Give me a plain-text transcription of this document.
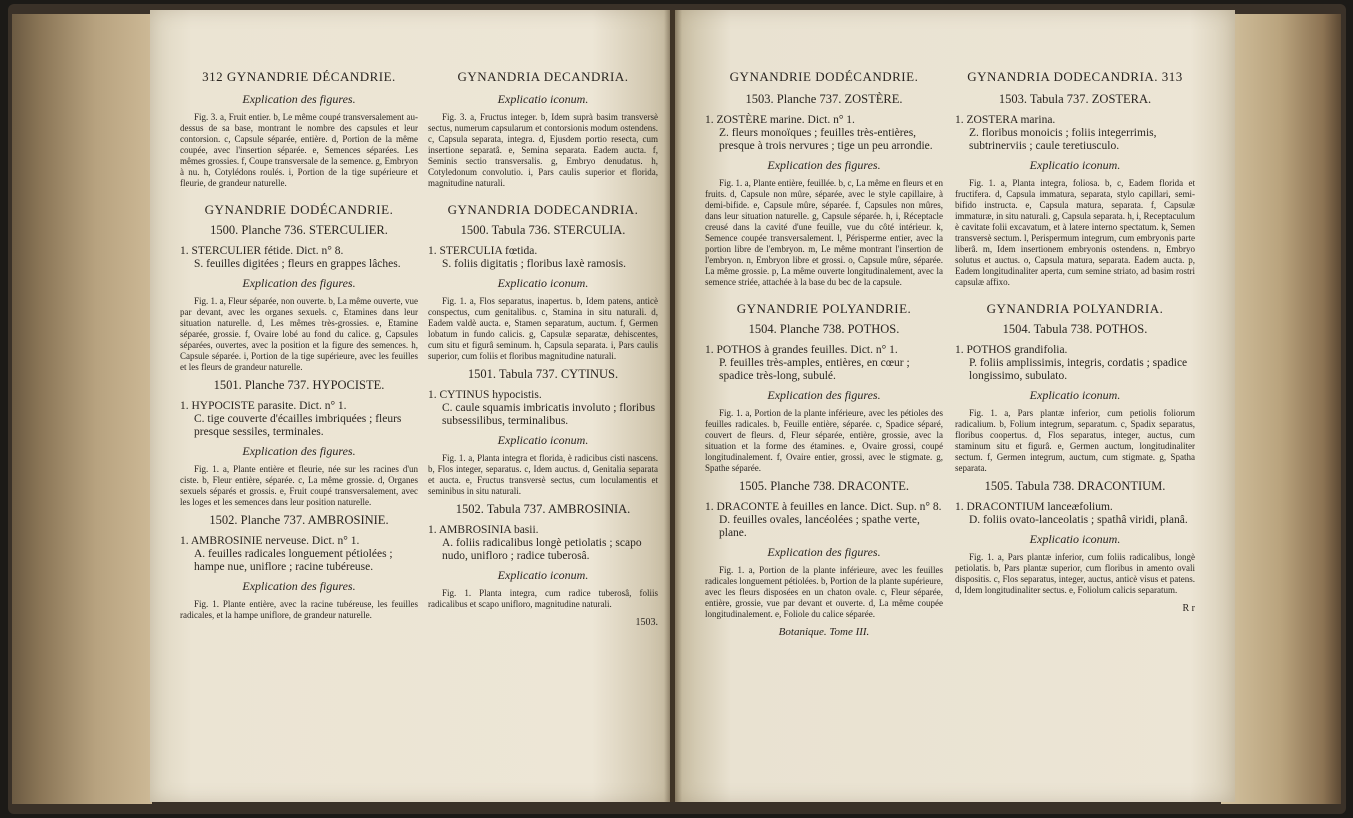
312 GYNANDRIE DÉCANDRIE.
Explication des figures.

Fig. 3. a, Fruit entier. b, Le même coupé transversalement au-dessus de sa base, montrant le nombre des capsules et leur contorsion. c, Capsule séparée, entière. d, Portion de la même coupée, avec l'insertion séparée. e, Semences séparées. Les mêmes grossies. f, Coupe transversale de la semence. g, Embryon à nu. h, Cotylédons roulés. i, Portion de la tige supérieure et fleurie, de grandeur naturelle.

GYNANDRIE DODÉCANDRIE.
1500. Planche 736. STERCULIER.
1. STERCULIER fétide. Dict. n° 8.
S. feuilles digitées ; fleurs en grappes lâches.
Explication des figures.

Fig. 1. a, Fleur séparée, non ouverte. b, La même ouverte, vue par devant, avec les organes sexuels. c, Etamines dans leur situation naturelle. d, Les mêmes très-grossies. e, Etamine séparée, grossie. f, Ovaire lobé au fond du calice. g, Capsules séparées, ouvertes, avec la position et la figure des semences. h, Capsule séparée. i, Portion de la tige supérieure, avec les feuilles et les fleurs de grandeur naturelle.

1501. Planche 737. HYPOCISTE.
1. HYPOCISTE parasite. Dict. n° 1.
C. tige couverte d'écailles imbriquées ; fleurs presque sessiles, terminales.
Explication des figures.

Fig. 1. a, Plante entière et fleurie, née sur les racines d'un ciste. b, Fleur entière, séparée. c, La même grossie. d, Organes sexuels séparés et grossis. e, Fruit coupé transversalement, avec les loges et les semences dans leur position naturelle.

1502. Planche 737. AMBROSINIE.
1. AMBROSINIE nerveuse. Dict. n° 1.
A. feuilles radicales longuement pétiolées ; hampe nue, uniflore ; racine tubéreuse.
Explication des figures.

Fig. 1. Plante entière, avec la racine tubéreuse, les feuilles radicales, et la hampe uniflore, de grandeur naturelle.

GYNANDRIA DECANDRIA.
Explicatio iconum.

Fig. 3. a, Fructus integer. b, Idem suprà basim transversè sectus, numerum capsularum et contorsionis modum ostendens. c, Capsula separata, integra. d, Ejusdem portio resecta, cum insertione separatâ. e, Semina separata. Eadem aucta. f, Seminis sectio transversalis. g, Embryo denudatus. h, Cotyledonum convolutio. i, Pars caulis superior et florida, magnitudine naturali.

GYNANDRIA DODECANDRIA.
1500. Tabula 736. STERCULIA.
1. STERCULIA fœtida.
S. foliis digitatis ; floribus laxè ramosis.
Explicatio iconum.

Fig. 1. a, Flos separatus, inapertus. b, Idem patens, anticè conspectus, cum genitalibus. c, Stamina in situ naturali. d, Eadem valdè aucta. e, Stamen separatum, auctum. f, Germen lobatum in fundo calicis. g, Capsulæ separatæ, dehiscentes, cum situ et figurâ seminum. h, Capsula separata. i, Pars caulis superior, cum foliis et floribus magnitudine naturali.

1501. Tabula 737. CYTINUS.
1. CYTINUS hypocistis.
C. caule squamis imbricatis involuto ; floribus subsessilibus, terminalibus.
Explicatio iconum.

Fig. 1. a, Planta integra et florida, è radicibus cisti nascens. b, Flos integer, separatus. c, Idem auctus. d, Genitalia separata et aucta. e, Fructus transversè sectus, cum loculamentis et seminibus in situ naturali.

1502. Tabula 737. AMBROSINIA.
1. AMBROSINIA basii.
A. foliis radicalibus longè petiolatis ; scapo nudo, unifloro ; radice tuberosâ.
Explicatio iconum.

Fig. 1. Planta integra, cum radice tuberosâ, foliis radicalibus et scapo unifloro, magnitudine naturali.

1503.
GYNANDRIE DODÉCANDRIE.
1503. Planche 737. ZOSTÈRE.
1. ZOSTÈRE marine. Dict. n° 1.
Z. fleurs monoïques ; feuilles très-entières, presque à trois nervures ; tige un peu arrondie.
Explication des figures.

Fig. 1. a, Plante entière, feuillée. b, c, La même en fleurs et en fruits. d, Capsule non mûre, séparée, avec le style capillaire, à demi-bifide. e, Capsule mûre, séparée. f, Capsules non mûres, dans leur situation naturelle. g, Capsule séparée. h, i, Réceptacle creusé dans la cavité d'une feuille, vue du côté intérieur. k, Semence coupée transversalement. l, Périsperme entier, avec la portion libre de l'embryon. m, Le même montrant l'insertion de l'embryon. n, Embryon libre et grossi. o, Capsule mûre, séparée. La même grossie. p, La même ouverte longitudinalement, avec la semence striée, attachée à la base du bec de la capsule.

GYNANDRIE POLYANDRIE.
1504. Planche 738. POTHOS.
1. POTHOS à grandes feuilles. Dict. n° 1.
P. feuilles très-amples, entières, en cœur ; spadice très-long, subulé.
Explication des figures.

Fig. 1. a, Portion de la plante inférieure, avec les pétioles des feuilles radicales. b, Feuille entière, séparée. c, Spadice séparé, couvert de fleurs. d, Fleur séparée, entière, grossie, avec la situation et la forme des étamines. e, Ovaire grossi, coupé longitudinalement. f, Ovaire entier, grossi, avec le stigmate. g, Spathe séparée.

1505. Planche 738. DRACONTE.
1. DRACONTE à feuilles en lance. Dict. Sup. n° 8.
D. feuilles ovales, lancéolées ; spathe verte, plane.
Explication des figures.

Fig. 1. a, Portion de la plante inférieure, avec les feuilles radicales longuement pétiolées. b, Portion de la plante supérieure, avec les fleurs disposées en un chaton ovale. c, Fleur séparée, entière, grossie, vue par devant et ouverte. d, La même coupée longitudinalement. e, Foliole du calice séparée.

Botanique. Tome III.
GYNANDRIA DODECANDRIA. 313
1503. Tabula 737. ZOSTERA.
1. ZOSTERA marina.
Z. floribus monoicis ; foliis integerrimis, subtrinerviis ; caule teretiusculo.
Explicatio iconum.

Fig. 1. a, Planta integra, foliosa. b, c, Eadem florida et fructifera. d, Capsula immatura, separata, stylo capillari, semi-bifido instructa. e, Capsula matura, separata. f, Capsulæ immaturæ, in situ naturali. g, Capsula separata. h, i, Receptaculum è cavitate folii excavatum, et à latere interno spectatum. k, Semen transversè sectum. l, Perispermum integrum, cum embryonis parte liberâ. m, Idem insertionem embryonis ostendens. n, Embryo solutus et auctus. o, Capsula matura, separata. Eadem aucta. p, Eadem longitudinaliter aperta, cum semine striato, ad basim rostri capsulæ affixo.

GYNANDRIA POLYANDRIA.
1504. Tabula 738. POTHOS.
1. POTHOS grandifolia.
P. foliis amplissimis, integris, cordatis ; spadice longissimo, subulato.
Explicatio iconum.

Fig. 1. a, Pars plantæ inferior, cum petiolis foliorum radicalium. b, Folium integrum, separatum. c, Spadix separatus, floribus coopertus. d, Flos separatus, integer, auctus, cum staminum situ et figurâ. e, Germen auctum, longitudinaliter sectum. f, Germen integrum, auctum, cum stigmate. g, Spatha separata.

1505. Tabula 738. DRACONTIUM.
1. DRACONTIUM lanceæfolium.
D. foliis ovato-lanceolatis ; spathâ viridi, planâ.
Explicatio iconum.

Fig. 1. a, Pars plantæ inferior, cum foliis radicalibus, longè petiolatis. b, Pars plantæ superior, cum floribus in amento ovali dispositis. c, Flos separatus, integer, auctus, anticè visus et patens. d, Idem longitudinaliter sectus. e, Foliolum calicis separatum.

R r
